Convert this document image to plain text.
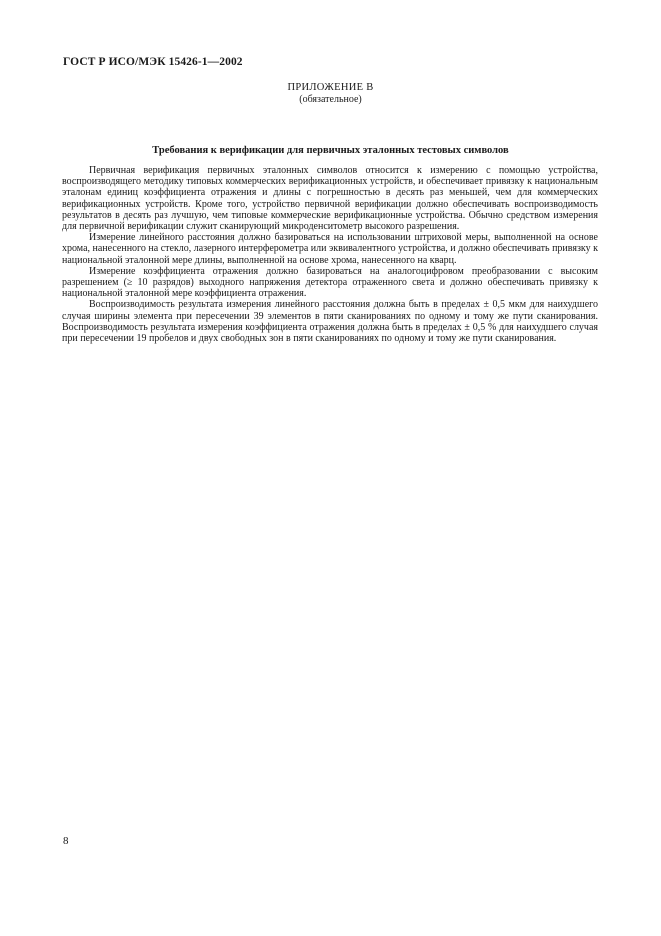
ГОСТ Р ИСО/МЭК 15426-1—2002
ПРИЛОЖЕНИЕ В
(обязательное)
Требования к верификации для первичных эталонных тестовых символов

Первичная верификация первичных эталонных символов относится к измерению с помощью устройства, воспроизводящего методику типовых коммерческих верификационных устройств, и обеспечивает привязку к национальным эталонам единиц коэффициента отражения и длины с погрешностью в десять раз меньшей, чем для коммерческих верификационных устройств. Кроме того, устройство первичной верификации должно обеспечивать воспроизводимость результатов в десять раз лучшую, чем типовые коммерческие верификационные устройства. Обычно средством измерения для первичной верификации служит сканирующий микроденситометр высокого разрешения.

Измерение линейного расстояния должно базироваться на использовании штриховой меры, выполненной на основе хрома, нанесенного на стекло, лазерного интерферометра или эквивалентного устройства, и должно обеспечивать привязку к национальной эталонной мере длины, выполненной на основе хрома, нанесенного на кварц.

Измерение коэффициента отражения должно базироваться на аналогоцифровом преобразовании с высоким разрешением (≥ 10 разрядов) выходного напряжения детектора отраженного света и должно обеспечивать привязку к национальной эталонной мере коэффициента отражения.

Воспроизводимость результата измерения линейного расстояния должна быть в пределах ± 0,5 мкм для наихудшего случая ширины элемента при пересечении 39 элементов в пяти сканированиях по одному и тому же пути сканирования. Воспроизводимость результата измерения коэффициента отражения должна быть в пределах ± 0,5 % для наихудшего случая при пересечении 19 пробелов и двух свободных зон в пяти сканированиях по одному и тому же пути сканирования.

8
